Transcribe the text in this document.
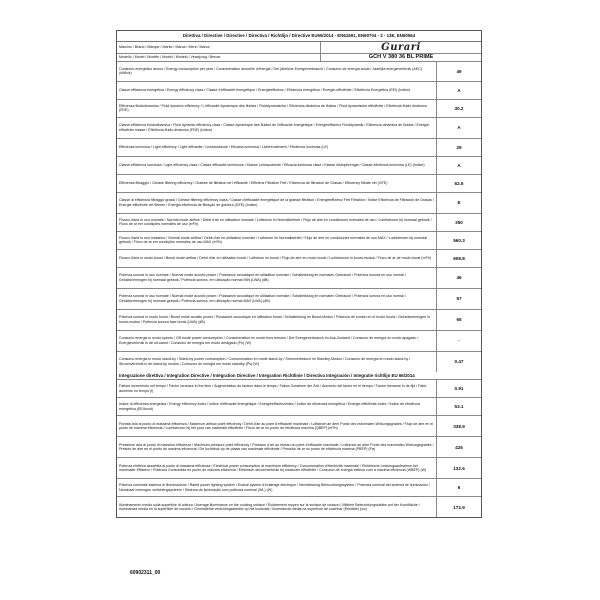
Direttiva / Directive / Directive / Directiva / Richtlijn / Directive EU65/2014 - EN61591, EN60704 - 2 - 13E, EN60564
Marchio / Brand / Marque / Marke / Marca / Merk / Marca	Gurari
Modello / Model / Modèle / Modell / Modelo / Verwijzing / Brecar	GCH V 380 36 BL PRIME
Consumo energetico annuo / Energy consumption per year / Consommation annuelle d'énergie / Der jährliche Energieverbrauch / Consumo de energía anual / Jaarlijks energieverbruik (AEC) (kWh/a)	49
Classe efficienza energetica / Energy efficiency class / Classe d'efficacité énergétique / Energieeffizienz / Eficiencia energética / Energie-efficiëntie / Eficiência Energética (EEI) (Indice)	A
Efficienza fluidodinamica / Fluid dynamic efficiency / L'efficacité dynamique des fluides / Fluiddynamische / Eficiencia dinámica de fluidos / Fluid dynamische efficiëntie / Eficiência fluido dinâmica (FDE)	30.2
Classe efficienza fluidodinamica / Fluid dynamic efficiency class / Classe dynamique des fluides de l'efficacité énergétique / Energieeffizienz Fluiddynamik / Eficiencia dinámica de fluidos / Energie-efficiëntie klasse / Eficiência fluido dinâmica (FDE) (Indice)	A
Efficienza luminosa / Light efficiency / Light efficacité / Lichtausbeute / Eficacia luminosa / Lichtrendement / Eficiência luminosa (LE)	29
Classe efficienza luminosa / Light efficiency class / Classe efficacité lumineuse / Klasse Lichtausbeute / Eficacia luminosa clase / Klasse lichtopbrengst / Classe eficiência luminosa (LE) (Indice)	A
Efficienza filtraggio / Grease filtering efficiency / Graisse de filtration de l'efficacité / Effizienz Filtration Fett / Eficiencia de filtración de Grasas / Efficiency filtrate vet (GFE)	62.5
Classe di efficienza filtraggio grassi / Grease filtering efficiency class / Classe d'efficacité énergétique de la graisse filtration / Energieeffizienz Fett Filtration / Índice Eficiencia de Filtración de Grasas / Energie-efficiëntie vet filteren / Energia eficiência de filtração de gordura (GFE) (Indice)	E
Flusso d'aria in uso normale / Normal mode airflow / Débit d'air en utilisation normale / Luftstrom im Normalbetrieb / Flujo de aire en condiciones normales de uso / Luchtstroom bij normaal gebruik / Fluxo de ar em condições normales de uso (m³/h)	350
Flusso d'aria in uso massimo / Normal mode airflow / Débit d'air en utilisation normale / Luftstrom im Normalbetrieb / Flujo de aire en condiciones normales de uso MAX / Luchtstroom bij normaal gebruik / Fluxo de ar em condições normales de uso MAX (m³/h)	560.3
Flusso d'aria in modo boost / Boost mode airflow / Débit d'air en utilisation boost / Luftstrom im boost / Flujo de aire en modo boost / Luchtstroom in boost-modus / Fluxo de ar de modo boost (m³/h)	608.8
Potenza sonora in uso normale / Normal mode acustic power / Puissance acoustique en utilisation normale / Schalleistung im normalen Gebrauch / Potencia sonora en uso normal / Geluidsvermogen bij normaal gebruik / Potência sonora, em utilização normal MIN (LWA) (dB)	46
Potenza sonora in uso normale / Normal mode acustic power / Puissance acoustique en utilisation normale / Schalleistung im normalen Gebrauch / Potencia sonora en uso normal / Geluidsvermogen bij normaal gebruik / Potência sonora, em utilização normal MAX (LWA) (dB)	57
Potenza sonora in modo boost / Boost mode acustic power / Puissance acoustique en utilisation boost / Schalleistung im Boost-Modus / Potencia de sonido en el modo boost / Geluidsvermogen in boost-modus / Potência sonora fase boost (LWA) (dB)	65
Consumo energia in modo spento / Off-mode power consumption / Consommation en mode hors tension / Der Energieverbrauch im Aus-Zustand / Consumo de energía en modo apagado / Energieverbruik in de uit-stand / Consumo de energia em modo desligado (Po) (W)	-
Consumo energia in modo stand-by / Stand-by power consumption / Consommation en mode stand-by / Stromverbrauch im Standby-Modus / Consumo de energía en modo stand-by / Stroomverbruik in de stand-by modus / Consumo de energia em modo standby (Ps) (W)	0.47
Integrazione direttiva / Integration Directive / Intégration Directive / Integration Richtlinie / Directiva Integración / Integratie richtlijn EU 66/2014
Fattore incremento nel tempo / Factor increase in the time / Augmentation du facteur dans le temps / Faktor Zunahme der Zeit / Aumento del factor en el tiempo / Factor toename in de tijd / Fator aumento no tempo (f)	0.91
Indice di efficienza energetica / Energy efficiency index / Indice d'efficacité énergétique / Energieeffizienzindex / Índice de eficiencia energética / Energie-efficiëntie-index / Índice de eficiência energética (EEIhood)	53.1
Portata aria al punto di massima efficienza / Maximum airflow point efficiency / Débit d'air au point d'efficacité maximale / Luftstrom an dem Punkt des maximalen Wirkungsgrades / Flujo de aire en el punto de máxima eficiencia / Luchtstroom bij het punt van maximale efficiëntie / Fluxo de ar no ponto de eficiência máxima (QBEP) (m³/h)	338.9
Pressione aria al punto di massima efficienza / Maximum pressure point efficiency / Pression d'air au niveau du point d'efficacité maximale / Luftdruck an dem Punkt des maximalen Wirkungsgrades / Presión de aire en el punto de máxima eficiencia / De luchtdruk op de plaats van maximale efficiëntie / Pressão de ar no ponto de eficiência máxima (PBEP) (Pa)	425
Potenza elettrica assorbita al punto di massima efficienza / Electrical power consumption at maximum efficiency / Consommation d'électricité maximale / Elektrische Leistungsaufnahme bei maximaler Effizienz / Potencia Consumida en punto de máxima eficiencia / Elektrisch stroomverbruik bij maximale efficiëntie / Consumo de energia elétrica com a máxima eficiência (WBEP) (W)	132.6
Potenza nominale sistema di illuminazione / Rated power lighting system / Evalué system d'éclairage électrique / Nennleistung Beleuchtungssystem / Potencia nominal del sistema de iluminación / Nominaal vermogen verlichtingsysteem / Sistema de iluminação com potência nominal (WL) (W)	6
Illuminamento medio sulla superficie di cottura / Average illuminance on the cooking surface / Éclairement moyen sur la surface de cuisson / Mittlere Beleuchtungsstärke auf der Kochfläche / Iluminancia media en la superficie de cocción / Gemiddelde verlichtingssterkte op het kookvlak / Iluminância média na superfície de cozinhar (Emiddle) (lux)	172.9
60902311_00
